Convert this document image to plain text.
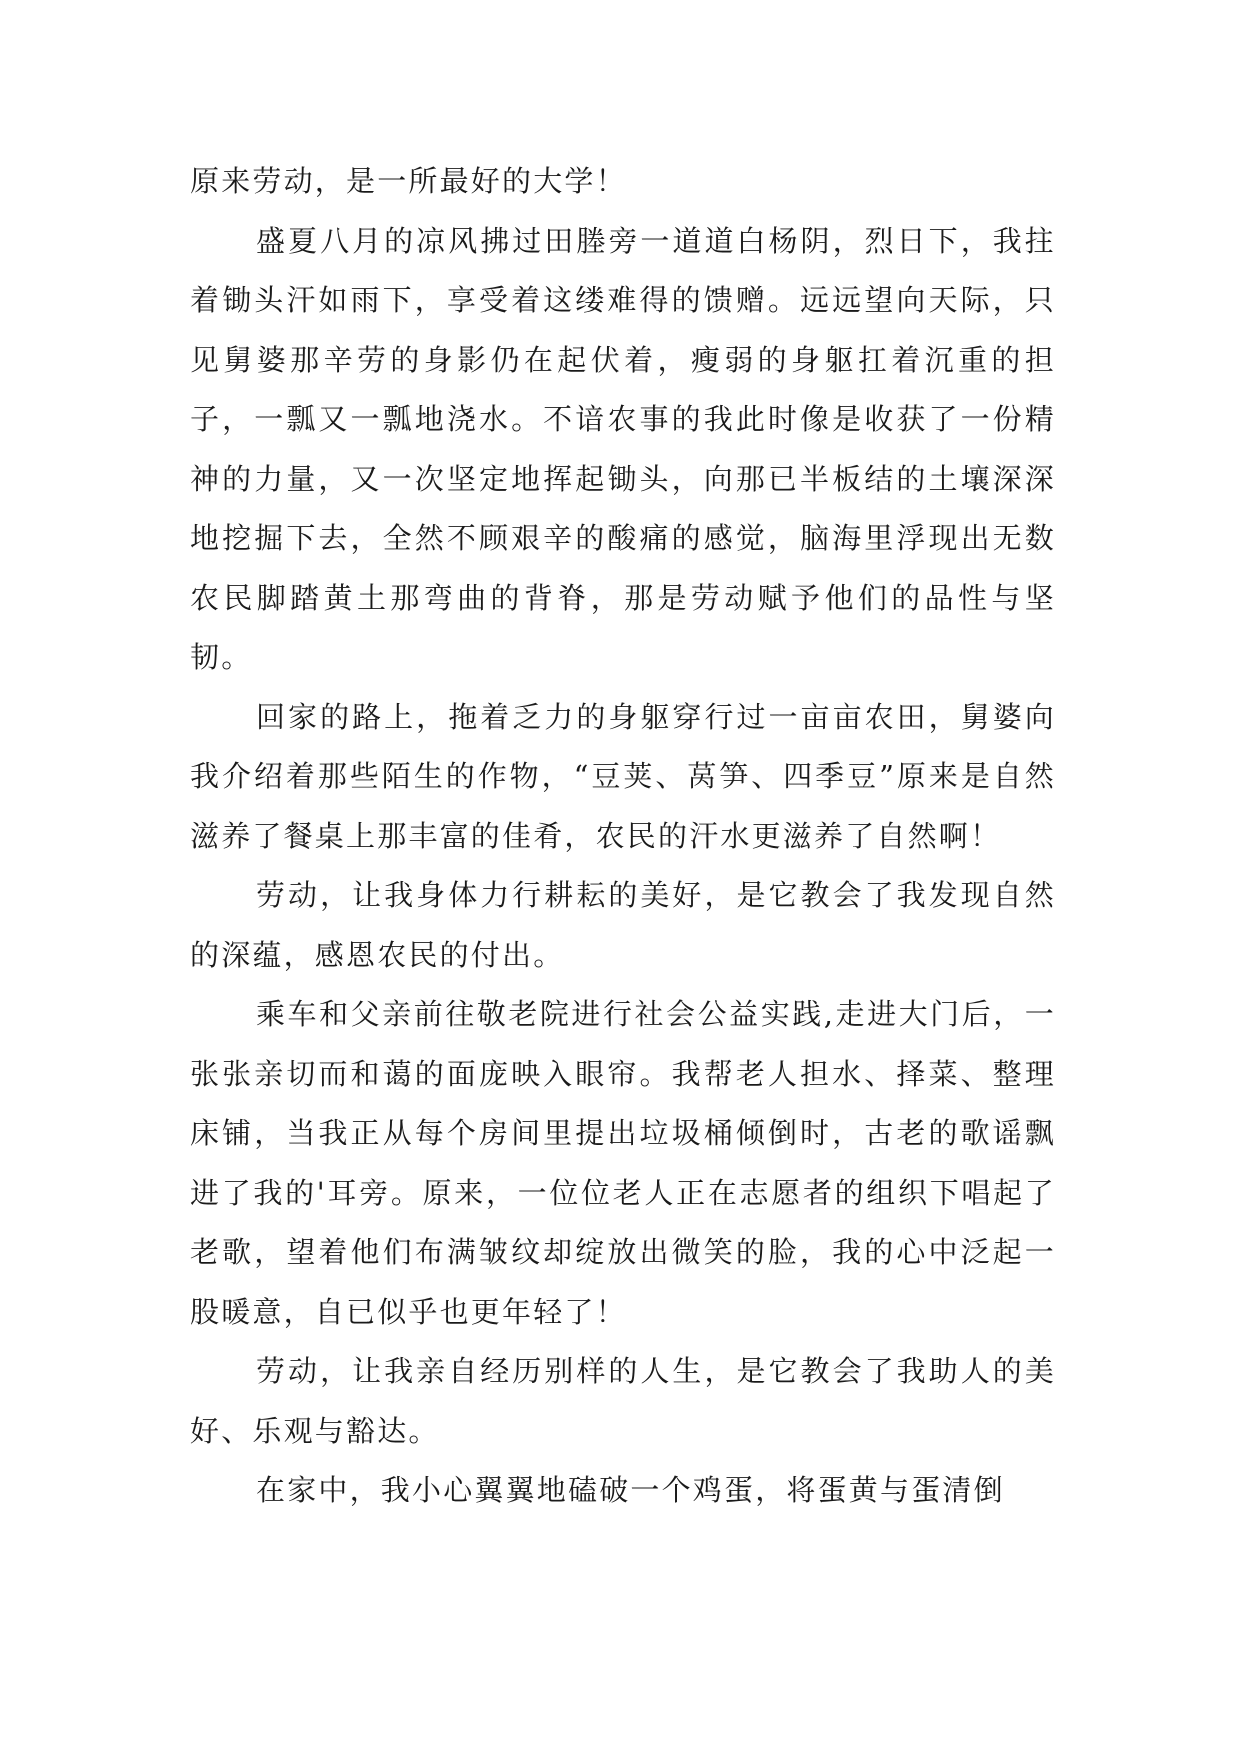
原来劳动，是一所最好的大学！

盛夏八月的凉风拂过田塍旁一道道白杨阴，烈日下，我拄着锄头汗如雨下，享受着这缕难得的馈赠。远远望向天际，只见舅婆那辛劳的身影仍在起伏着，瘦弱的身躯扛着沉重的担子，一瓢又一瓢地浇水。不谙农事的我此时像是收获了一份精神的力量，又一次坚定地挥起锄头，向那已半板结的土壤深深地挖掘下去，全然不顾艰辛的酸痛的感觉，脑海里浮现出无数农民脚踏黄土那弯曲的背脊，那是劳动赋予他们的品性与坚韧。

回家的路上，拖着乏力的身躯穿行过一亩亩农田，舅婆向我介绍着那些陌生的作物，“豆荚、莴笋、四季豆”原来是自然滋养了餐桌上那丰富的佳肴，农民的汗水更滋养了自然啊！

劳动，让我身体力行耕耘的美好，是它教会了我发现自然的深蕴，感恩农民的付出。

乘车和父亲前往敬老院进行社会公益实践,走进大门后，一张张亲切而和蔼的面庞映入眼帘。我帮老人担水、择菜、整理床铺，当我正从每个房间里提出垃圾桶倾倒时，古老的歌谣飘进了我的'耳旁。原来，一位位老人正在志愿者的组织下唱起了老歌，望着他们布满皱纹却绽放出微笑的脸，我的心中泛起一股暖意，自已似乎也更年轻了！

劳动，让我亲自经历别样的人生，是它教会了我助人的美好、乐观与豁达。

在家中，我小心翼翼地磕破一个鸡蛋，将蛋黄与蛋清倒
